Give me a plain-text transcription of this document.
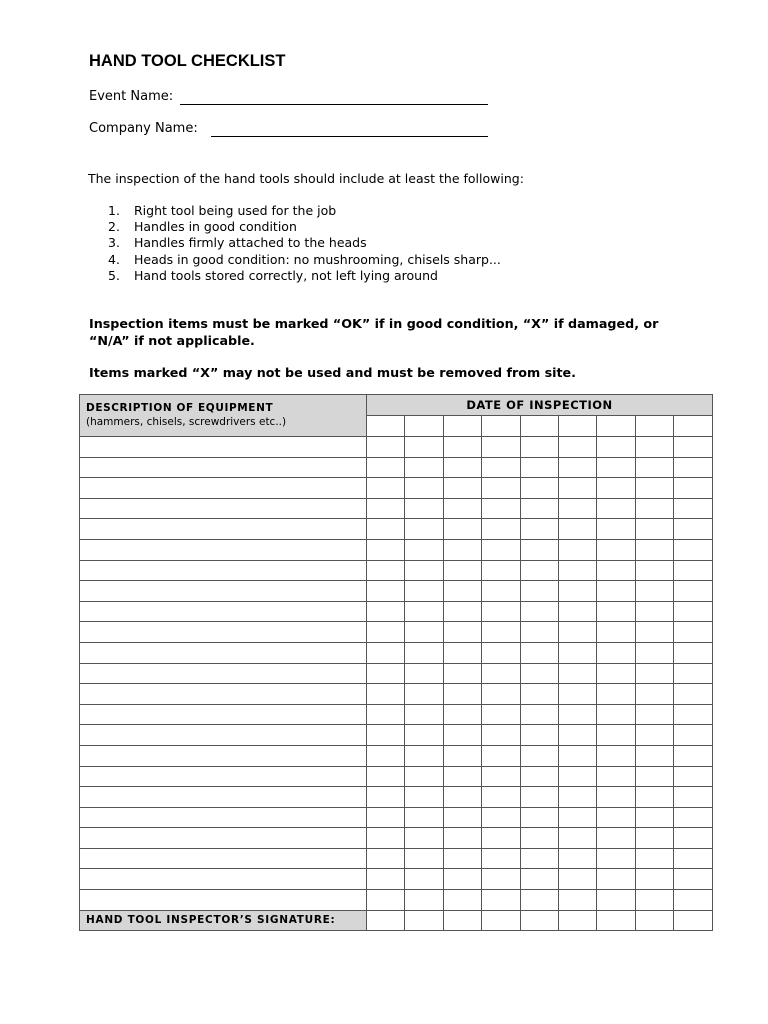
HAND TOOL CHECKLIST
Event Name:
Company Name:
The inspection of the hand tools should include at least the following:
1. Right tool being used for the job
2. Handles in good condition
3. Handles firmly attached to the heads
4. Heads in good condition: no mushrooming, chisels sharp...
5. Hand tools stored correctly, not left lying around
Inspection items must be marked “OK” if in good condition, “X” if damaged, or “N/A” if not applicable.
Items marked “X” may not be used and must be removed from site.
DESCRIPTION OF EQUIPMENT
(hammers, chisels, screwdrivers etc..)	DATE OF INSPECTION								

HAND TOOL INSPECTOR’S SIGNATURE:									
